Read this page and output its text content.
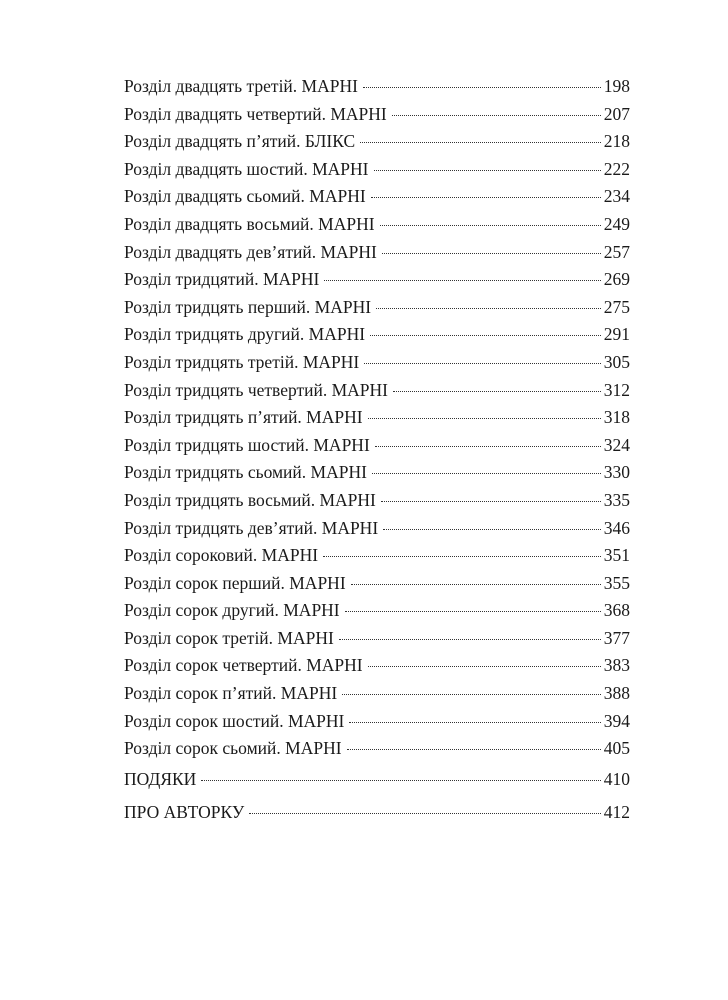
Розділ двадцять третій. МАРНІ	198
Розділ двадцять четвертий. МАРНІ	207
Розділ двадцять п’ятий. БЛІКС	218
Розділ двадцять шостий. МАРНІ	222
Розділ двадцять сьомий. МАРНІ	234
Розділ двадцять восьмий. МАРНІ	249
Розділ двадцять дев’ятий. МАРНІ	257
Розділ тридцятий. МАРНІ	269
Розділ тридцять перший. МАРНІ	275
Розділ тридцять другий. МАРНІ	291
Розділ тридцять третій. МАРНІ	305
Розділ тридцять четвертий. МАРНІ	312
Розділ тридцять п’ятий. МАРНІ	318
Розділ тридцять шостий. МАРНІ	324
Розділ тридцять сьомий. МАРНІ	330
Розділ тридцять восьмий. МАРНІ	335
Розділ тридцять дев’ятий. МАРНІ	346
Розділ сороковий. МАРНІ	351
Розділ сорок перший. МАРНІ	355
Розділ сорок другий. МАРНІ	368
Розділ сорок третій. МАРНІ	377
Розділ сорок четвертий. МАРНІ	383
Розділ сорок п’ятий. МАРНІ	388
Розділ сорок шостий. МАРНІ	394
Розділ сорок сьомий. МАРНІ	405
ПОДЯКИ	410
ПРО АВТОРКУ	412
